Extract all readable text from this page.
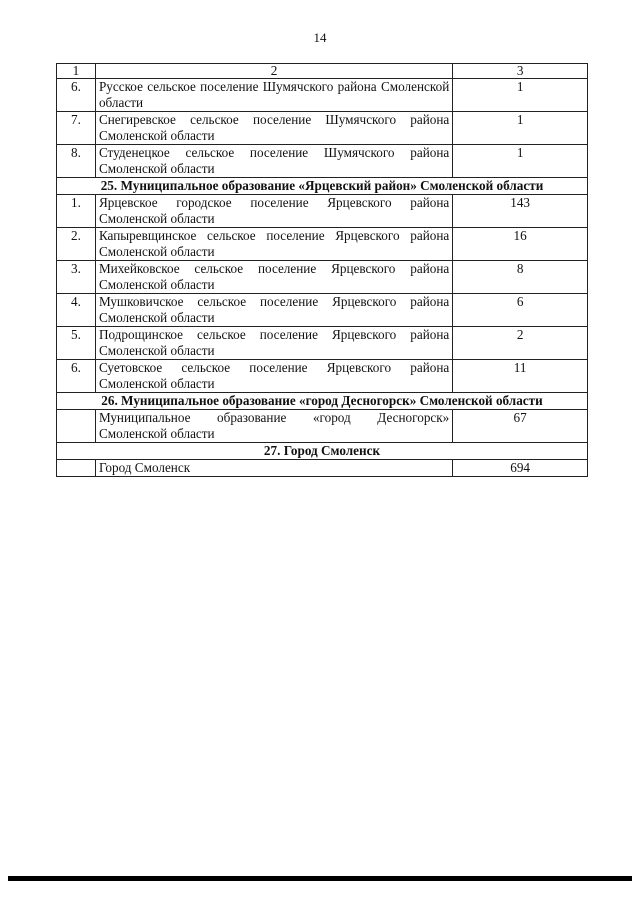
14
1	2	3
6.	Русское сельское поселение Шумячского района Смоленской области	1
7.	Снегиревское сельское поселение Шумячского района Смоленской области	1
8.	Студенецкое сельское поселение Шумячского района Смоленской области	1
25. Муниципальное образование «Ярцевский район» Смоленской области		
1.	Ярцевское городское поселение Ярцевского района Смоленской области	143
2.	Капыревщинское сельское поселение Ярцевского района Смоленской области	16
3.	Михейковское сельское поселение Ярцевского района Смоленской области	8
4.	Мушковичское сельское поселение Ярцевского района Смоленской области	6
5.	Подрощинское сельское поселение Ярцевского района Смоленской области	2
6.	Суетовское сельское поселение Ярцевского района Смоленской области	11
26. Муниципальное образование «город Десногорск» Смоленской области		
	Муниципальное образование «город Десногорск» Смоленской области	67
27. Город Смоленск		
	Город Смоленск	694
